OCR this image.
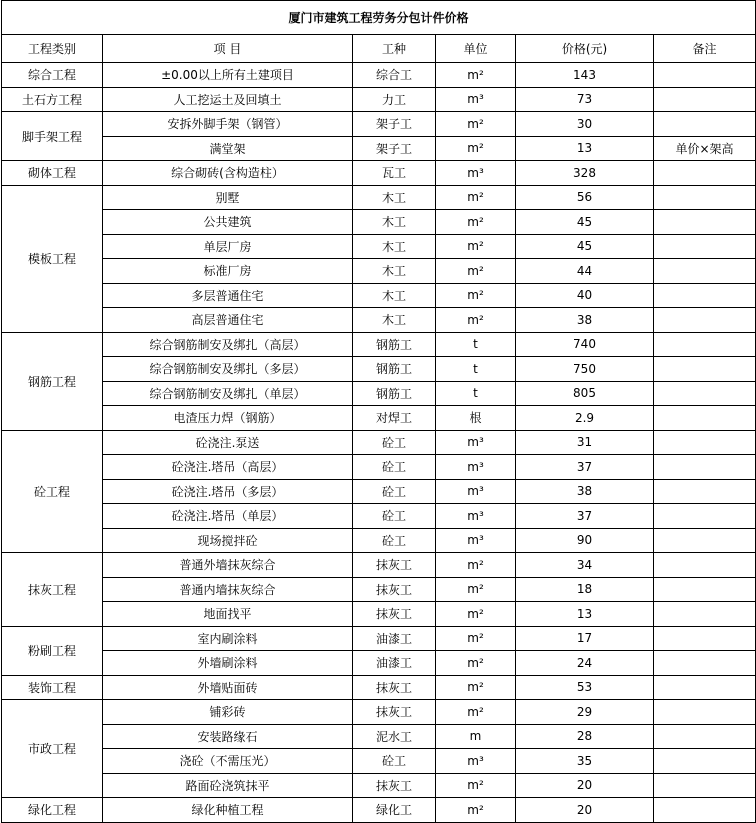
厦门市建筑工程劳务分包计件价格					
工程类别	项 目	工种	单位	价格(元)	备注
综合工程	±0.00以上所有土建项目	综合工	m²	143	
土石方工程	人工挖运土及回填土	力工	m³	73	
脚手架工程	安拆外脚手架（钢管）	架子工	m²	30	
	满堂架	架子工	m²	13	单价×架高
砌体工程	综合砌砖(含构造柱）	瓦工	m³	328	
模板工程	别墅	木工	m²	56	
	公共建筑	木工	m²	45	
	单层厂房	木工	m²	45	
	标准厂房	木工	m²	44	
	多层普通住宅	木工	m²	40	
	高层普通住宅	木工	m²	38	
钢筋工程	综合钢筋制安及绑扎（高层）	钢筋工	t	740	
	综合钢筋制安及绑扎（多层）	钢筋工	t	750	
	综合钢筋制安及绑扎（单层）	钢筋工	t	805	
	电渣压力焊（钢筋）	对焊工	根	2.9	
砼工程	砼浇注.泵送	砼工	m³	31	
	砼浇注.塔吊（高层）	砼工	m³	37	
	砼浇注.塔吊（多层）	砼工	m³	38	
	砼浇注.塔吊（单层）	砼工	m³	37	
	现场搅拌砼	砼工	m³	90	
抹灰工程	普通外墙抹灰综合	抹灰工	m²	34	
	普通内墙抹灰综合	抹灰工	m²	18	
	地面找平	抹灰工	m²	13	
粉刷工程	室内刷涂料	油漆工	m²	17	
	外墙刷涂料	油漆工	m²	24	
装饰工程	外墙贴面砖	抹灰工	m²	53	
市政工程	铺彩砖	抹灰工	m²	29	
	安装路缘石	泥水工	m	28	
	浇砼（不需压光）	砼工	m³	35	
	路面砼浇筑抹平	抹灰工	m²	20	
绿化工程	绿化种植工程	绿化工	m²	20	
